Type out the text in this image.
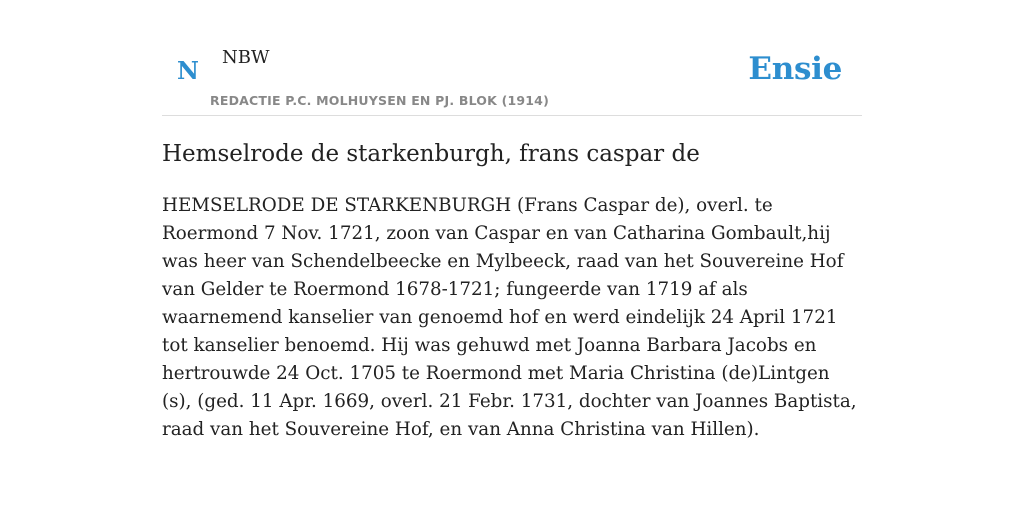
N NBW	Ensie
REDACTIE P.C. MOLHUYSEN EN PJ. BLOK (1914)
Hemselrode de starkenburgh, frans caspar de

HEMSELRODE DE STARKENBURGH (Frans Caspar de), overl. te Roermond 7 Nov. 1721, zoon van Caspar en van Catharina Gombault,hij was heer van Schendelbeecke en Mylbeeck, raad van het Souvereine Hof van Gelder te Roermond 1678-1721; fungeerde van 1719 af als waarnemend kanselier van genoemd hof en werd eindelijk 24 April 1721 tot kanselier benoemd. Hij was gehuwd met Joanna Barbara Jacobs en hertrouwde 24 Oct. 1705 te Roermond met Maria Christina (de)Lintgen (s), (ged. 11 Apr. 1669, overl. 21 Febr. 1731, dochter van Joannes Baptista, raad van het Souvereine Hof, en van Anna Christina van Hillen).
